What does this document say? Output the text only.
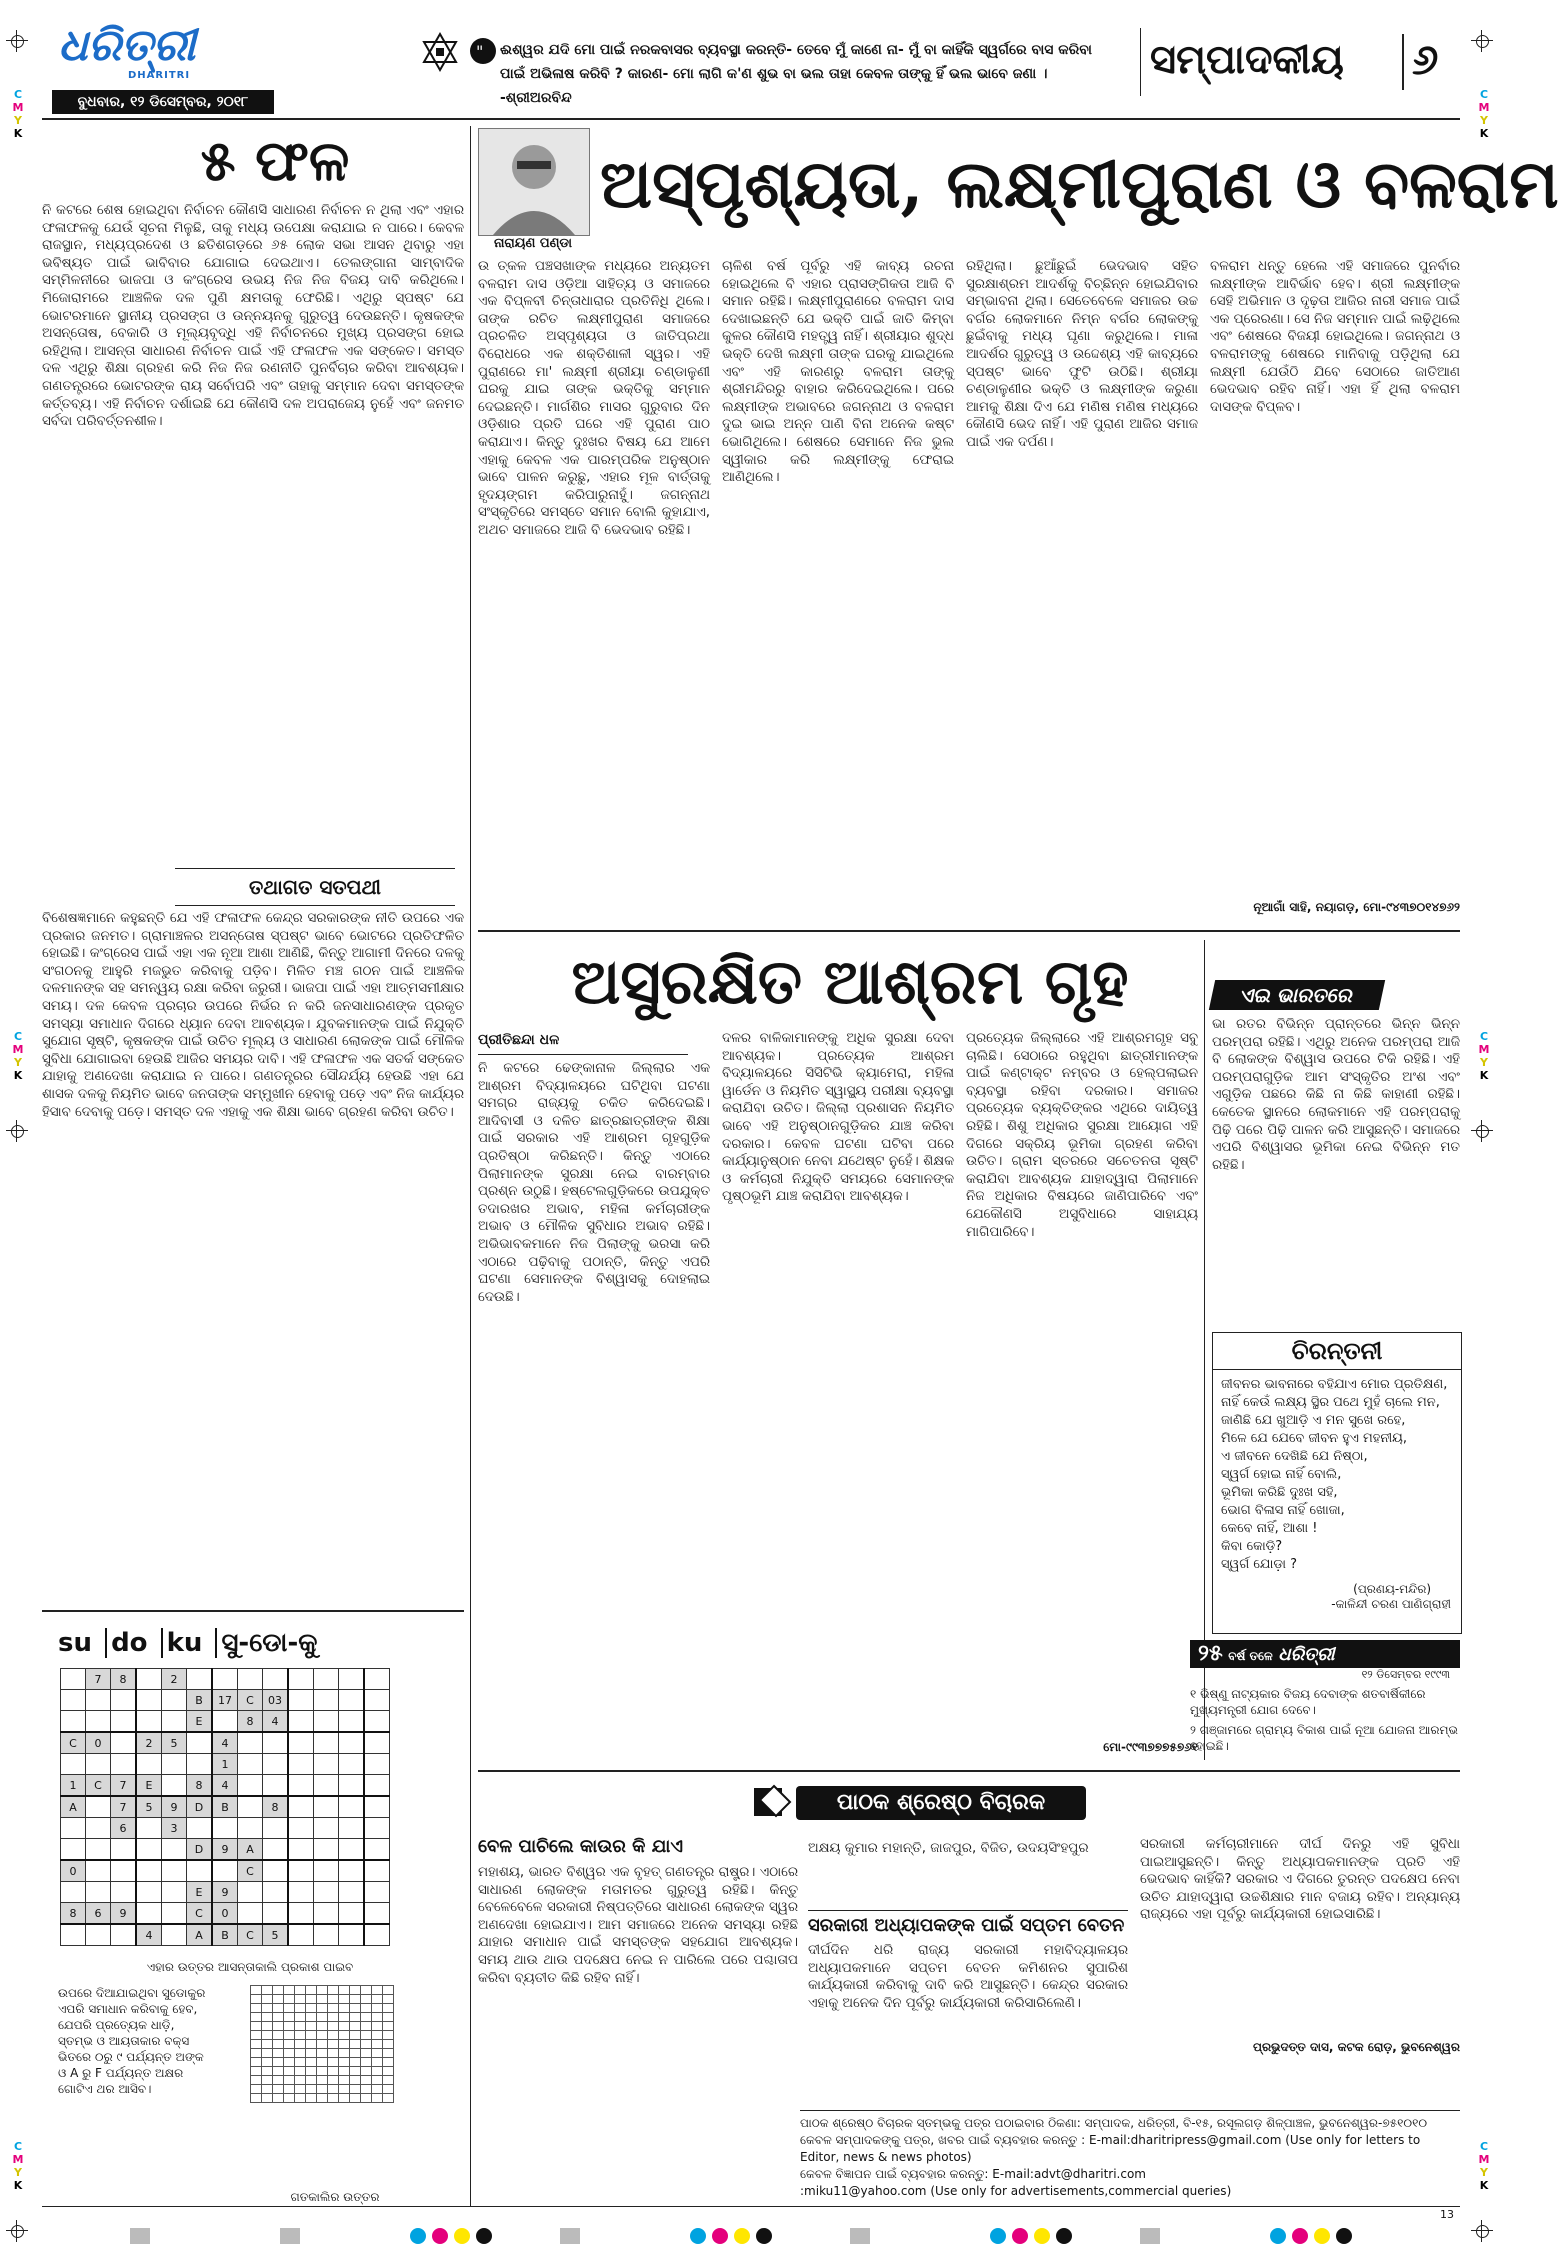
C
M
Y
K
C
M
Y
K
C
M
Y
K
C
M
Y
K
C
M
Y
K
C
M
Y
K
ଧରିତ୍ରୀ
DHARITRI
ବୁଧବାର, ୧୨ ଡିସେମ୍ବର, ୨୦୧୮
" ଈଶ୍ୱର ଯଦି ମୋ ପାଇଁ ନରକବାସର ବ୍ୟବସ୍ଥା କରନ୍ତି- ତେବେ ମୁଁ କାଣେ ନା- ମୁଁ ବା କାହିଁକି ସ୍ୱର୍ଗରେ ବାସ କରିବା ପାଇଁ ଅଭିଳାଷ କରିବି ? କାରଣ- ମୋ ଲାଗି କ'ଣ ଶୁଭ ବା ଭଲ ତାହା କେବଳ ତାଙ୍କୁ ହିଁ ଭଲ ଭାବେ ଜଣା । -ଶ୍ରୀଅରବିନ୍ଦ
ସମ୍ପାଦକୀୟ	୬
୫ ଫଳ

ନି କଟରେ ଶେଷ ହୋଇଥିବା ନିର୍ବାଚନ କୌଣସି ସାଧାରଣ ନିର୍ବାଚନ ନ ଥିଲା ଏବଂ ଏହାର ଫଳାଫଳକୁ ଯେଉଁ ସୂଚନା ମିଳୁଛି, ତାକୁ ମଧ୍ୟ ଉପେକ୍ଷା କରାଯାଇ ନ ପାରେ। କେବଳ ରାଜସ୍ଥାନ, ମଧ୍ୟପ୍ରଦେଶ ଓ ଛତିଶଗଡ଼ରେ ୬୫ ଲୋକ ସଭା ଆସନ ଥିବାରୁ ଏହା ଭବିଷ୍ୟତ ପାଇଁ ଭାବିବାର ଯୋଗାଇ ଦେଇଥାଏ। ତେଲଙ୍ଗାନା ସାମ୍ବାଦିକ ସମ୍ମିଳନୀରେ ଭାଜପା ଓ କଂଗ୍ରେସ ଉଭୟ ନିଜ ନିଜ ବିଜୟ ଦାବି କରିଥିଲେ। ମିଜୋରାମରେ ଆଞ୍ଚଳିକ ଦଳ ପୁଣି କ୍ଷମତାକୁ ଫେରିଛି। ଏଥିରୁ ସ୍ପଷ୍ଟ ଯେ ଭୋଟରମାନେ ସ୍ଥାନୀୟ ପ୍ରସଙ୍ଗ ଓ ଉନ୍ନୟନକୁ ଗୁରୁତ୍ୱ ଦେଉଛନ୍ତି। କୃଷକଙ୍କ ଅସନ୍ତୋଷ, ବେକାରି ଓ ମୂଲ୍ୟବୃଦ୍ଧି ଏହି ନିର୍ବାଚନରେ ମୁଖ୍ୟ ପ୍ରସଙ୍ଗ ହୋଇ ରହିଥିଲା। ଆସନ୍ତା ସାଧାରଣ ନିର୍ବାଚନ ପାଇଁ ଏହି ଫଳାଫଳ ଏକ ସଙ୍କେତ। ସମସ୍ତ ଦଳ ଏଥିରୁ ଶିକ୍ଷା ଗ୍ରହଣ କରି ନିଜ ନିଜ ରଣନୀତି ପୁନର୍ବିଚାର କରିବା ଆବଶ୍ୟକ। ଗଣତନ୍ତ୍ରରେ ଭୋଟରଙ୍କ ରାୟ ସର୍ବୋପରି ଏବଂ ତାହାକୁ ସମ୍ମାନ ଦେବା ସମସ୍ତଙ୍କ କର୍ତ୍ତବ୍ୟ। ଏହି ନିର୍ବାଚନ ଦର୍ଶାଇଛି ଯେ କୌଣସି ଦଳ ଅପରାଜେୟ ନୁହେଁ ଏବଂ ଜନମତ ସର୍ବଦା ପରିବର୍ତ୍ତନଶୀଳ।

ତଥାଗତ ସତପଥୀ

ବିଶେଷଜ୍ଞମାନେ କହୁଛନ୍ତି ଯେ ଏହି ଫଳାଫଳ କେନ୍ଦ୍ର ସରକାରଙ୍କ ନୀତି ଉପରେ ଏକ ପ୍ରକାର ଜନମତ। ଗ୍ରାମାଞ୍ଚଳର ଅସନ୍ତୋଷ ସ୍ପଷ୍ଟ ଭାବେ ଭୋଟରେ ପ୍ରତିଫଳିତ ହୋଇଛି। କଂଗ୍ରେସ ପାଇଁ ଏହା ଏକ ନୂଆ ଆଶା ଆଣିଛି, କିନ୍ତୁ ଆଗାମୀ ଦିନରେ ଦଳକୁ ସଂଗଠନକୁ ଆହୁରି ମଜଭୁତ କରିବାକୁ ପଡ଼ିବ। ମିଳିତ ମଞ୍ଚ ଗଠନ ପାଇଁ ଆଞ୍ଚଳିକ ଦଳମାନଙ୍କ ସହ ସମନ୍ୱୟ ରକ୍ଷା କରିବା ଜରୁରୀ। ଭାଜପା ପାଇଁ ଏହା ଆତ୍ମସମୀକ୍ଷାର ସମୟ। ଦଳ କେବଳ ପ୍ରଚାର ଉପରେ ନିର୍ଭର ନ କରି ଜନସାଧାରଣଙ୍କ ପ୍ରକୃତ ସମସ୍ୟା ସମାଧାନ ଦିଗରେ ଧ୍ୟାନ ଦେବା ଆବଶ୍ୟକ। ଯୁବକମାନଙ୍କ ପାଇଁ ନିଯୁକ୍ତି ସୁଯୋଗ ସୃଷ୍ଟି, କୃଷକଙ୍କ ପାଇଁ ଉଚିତ ମୂଲ୍ୟ ଓ ସାଧାରଣ ଲୋକଙ୍କ ପାଇଁ ମୌଳିକ ସୁବିଧା ଯୋଗାଇବା ହେଉଛି ଆଜିର ସମୟର ଦାବି। ଏହି ଫଳାଫଳ ଏକ ସତର୍କ ସଙ୍କେତ ଯାହାକୁ ଅଣଦେଖା କରାଯାଇ ନ ପାରେ। ଗଣତନ୍ତ୍ରର ସୌନ୍ଦର୍ଯ୍ୟ ହେଉଛି ଏହା ଯେ ଶାସକ ଦଳକୁ ନିୟମିତ ଭାବେ ଜନତାଙ୍କ ସମ୍ମୁଖୀନ ହେବାକୁ ପଡ଼େ ଏବଂ ନିଜ କାର୍ଯ୍ୟର ହିସାବ ଦେବାକୁ ପଡ଼େ। ସମସ୍ତ ଦଳ ଏହାକୁ ଏକ ଶିକ୍ଷା ଭାବେ ଗ୍ରହଣ କରିବା ଉଚିତ।

su do ku ସୁ-ଡୋ-କୁ
	7	8		2								
					B	17	C	03				
					E		8	4				
C	0		2	5		4						
						1						
1	C	7	E		8	4						
A		7	5	9	D	B		8				
		6		3								
					D	9	A					
0							C					
					E	9						
8	6	9			C	0						
			4		A	B	C	5				
ଏହାର ଉତ୍ତର ଆସନ୍ତାକାଲି ପ୍ରକାଶ ପାଇବ
ଉପରେ ଦିଆଯାଇଥିବା ସୁଡୋକୁର ଏପରି ସମାଧାନ କରିବାକୁ ହେବ, ଯେପରି ପ୍ରତ୍ୟେକ ଧାଡ଼ି, ସ୍ତମ୍ଭ ଓ ଆୟତାକାର ବକ୍ସ ଭିତରେ ୦ରୁ ୯ ପର୍ଯ୍ୟନ୍ତ ଅଙ୍କ ଓ A ରୁ F ପର୍ଯ୍ୟନ୍ତ ଅକ୍ଷର ଗୋଟିଏ ଥର ଆସିବ।

ଗତକାଲିର ଉତ୍ତର
ନାରାୟଣ ପଣ୍ଡା
ଅସ୍ପୃଶ୍ୟତା, ଲକ୍ଷ୍ମୀପୁରାଣ ଓ ବଳରାମ

ଉ ତ୍କଳ ପଞ୍ଚସଖାଙ୍କ ମଧ୍ୟରେ ଅନ୍ୟତମ ବଳରାମ ଦାସ ଓଡ଼ିଆ ସାହିତ୍ୟ ଓ ସମାଜରେ ଏକ ବିପ୍ଳବୀ ଚିନ୍ତାଧାରାର ପ୍ରତିନିଧି ଥିଲେ। ତାଙ୍କ ରଚିତ ଲକ୍ଷ୍ମୀପୁରାଣ ସମାଜରେ ପ୍ରଚଳିତ ଅସ୍ପୃଶ୍ୟତା ଓ ଜାତିପ୍ରଥା ବିରୋଧରେ ଏକ ଶକ୍ତିଶାଳୀ ସ୍ୱର। ଏହି ପୁରାଣରେ ମା' ଲକ୍ଷ୍ମୀ ଶ୍ରୀୟା ଚଣ୍ଡାଳୁଣୀ ଘରକୁ ଯାଇ ତାଙ୍କ ଭକ୍ତିକୁ ସମ୍ମାନ ଦେଇଛନ୍ତି। ମାର୍ଗଶିର ମାସର ଗୁରୁବାର ଦିନ ଓଡ଼ିଶାର ପ୍ରତି ଘରେ ଏହି ପୁରାଣ ପାଠ କରାଯାଏ। କିନ୍ତୁ ଦୁଃଖର ବିଷୟ ଯେ ଆମେ ଏହାକୁ କେବଳ ଏକ ପାରମ୍ପରିକ ଅନୁଷ୍ଠାନ ଭାବେ ପାଳନ କରୁଛୁ, ଏହାର ମୂଳ ବାର୍ତ୍ତାକୁ ହୃଦୟଙ୍ଗମ କରିପାରୁନାହୁଁ। ଜଗନ୍ନାଥ ସଂସ୍କୃତିରେ ସମସ୍ତେ ସମାନ ବୋଲି କୁହାଯାଏ, ଅଥଚ ସମାଜରେ ଆଜି ବି ଭେଦଭାବ ରହିଛି।

ଚାଳିଶ ବର୍ଷ ପୂର୍ବରୁ ଏହି କାବ୍ୟ ରଚନା ହୋଇଥିଲେ ବି ଏହାର ପ୍ରାସଙ୍ଗିକତା ଆଜି ବି ସମାନ ରହିଛି। ଲକ୍ଷ୍ମୀପୁରାଣରେ ବଳରାମ ଦାସ ଦେଖାଇଛନ୍ତି ଯେ ଭକ୍ତି ପାଇଁ ଜାତି କିମ୍ବା କୁଳର କୌଣସି ମହତ୍ତ୍ୱ ନାହିଁ। ଶ୍ରୀୟାର ଶୁଦ୍ଧ ଭକ୍ତି ଦେଖି ଲକ୍ଷ୍ମୀ ତାଙ୍କ ଘରକୁ ଯାଇଥିଲେ ଏବଂ ଏହି କାରଣରୁ ବଳରାମ ତାଙ୍କୁ ଶ୍ରୀମନ୍ଦିରରୁ ବାହାର କରିଦେଇଥିଲେ। ପରେ ଲକ୍ଷ୍ମୀଙ୍କ ଅଭାବରେ ଜଗନ୍ନାଥ ଓ ବଳରାମ ଦୁଇ ଭାଇ ଅନ୍ନ ପାଣି ବିନା ଅନେକ କଷ୍ଟ ଭୋଗିଥିଲେ। ଶେଷରେ ସେମାନେ ନିଜ ଭୁଲ ସ୍ୱୀକାର କରି ଲକ୍ଷ୍ମୀଙ୍କୁ ଫେରାଇ ଆଣିଥିଲେ।

ରହିଥିଲା। ଛୁଆଁଛୁଇଁ ଭେଦଭାବ ସହିତ ସୁରକ୍ଷାଶ୍ରମ ଆଦର୍ଶକୁ ବିଚ୍ଛିନ୍ନ ହୋଇଯିବାର ସମ୍ଭାବନା ଥିଲା। ସେତେବେଳେ ସମାଜର ଉଚ୍ଚ ବର୍ଗର ଲୋକମାନେ ନିମ୍ନ ବର୍ଗର ଲୋକଙ୍କୁ ଛୁଇଁବାକୁ ମଧ୍ୟ ଘୃଣା କରୁଥିଲେ। ମାଳା ଆଦର୍ଶର ଗୁରୁତ୍ୱ ଓ ଉଦ୍ଦେଶ୍ୟ ଏହି କାବ୍ୟରେ ସ୍ପଷ୍ଟ ଭାବେ ଫୁଟି ଉଠିଛି। ଶ୍ରୀୟା ଚଣ୍ଡାଳୁଣୀର ଭକ୍ତି ଓ ଲକ୍ଷ୍ମୀଙ୍କ କରୁଣା ଆମକୁ ଶିକ୍ଷା ଦିଏ ଯେ ମଣିଷ ମଣିଷ ମଧ୍ୟରେ କୌଣସି ଭେଦ ନାହିଁ। ଏହି ପୁରାଣ ଆଜିର ସମାଜ ପାଇଁ ଏକ ଦର୍ପଣ।

ବଳରାମ ଧନ୍ତୁ ହେଲେ ଏହି ସମାଜରେ ପୁନର୍ବାର ଲକ୍ଷ୍ମୀଙ୍କ ଆବିର୍ଭାବ ହେବ। ଶ୍ରୀ ଲକ୍ଷ୍ମୀଙ୍କ ସେହି ଅଭିମାନ ଓ ଦୃଢ଼ତା ଆଜିର ନାରୀ ସମାଜ ପାଇଁ ଏକ ପ୍ରେରଣା। ସେ ନିଜ ସମ୍ମାନ ପାଇଁ ଲଢ଼ିଥିଲେ ଏବଂ ଶେଷରେ ବିଜୟୀ ହୋଇଥିଲେ। ଜଗନ୍ନାଥ ଓ ବଳରାମଙ୍କୁ ଶେଷରେ ମାନିବାକୁ ପଡ଼ିଥିଲା ଯେ ଲକ୍ଷ୍ମୀ ଯେଉଁଠି ଯିବେ ସେଠାରେ ଜାତିଆଣ ଭେଦଭାବ ରହିବ ନାହିଁ। ଏହା ହିଁ ଥିଲା ବଳରାମ ଦାସଙ୍କ ବିପ୍ଳବ।

ନୂଆଗାଁ ସାହି, ନୟାଗଡ଼, ମୋ-୯୪୩୭୦୧୪୭୬୨
ଅସୁରକ୍ଷିତ ଆଶ୍ରମ ଗୃହ
ପ୍ରୀତିଛନ୍ଦା ଧଳ

ନି କଟରେ ଢେଙ୍କାନାଳ ଜିଲ୍ଲାର ଏକ ଆଶ୍ରମ ବିଦ୍ୟାଳୟରେ ଘଟିଥିବା ଘଟଣା ସମଗ୍ର ରାଜ୍ୟକୁ ଚକିତ କରିଦେଇଛି। ଆଦିବାସୀ ଓ ଦଳିତ ଛାତ୍ରଛାତ୍ରୀଙ୍କ ଶିକ୍ଷା ପାଇଁ ସରକାର ଏହି ଆଶ୍ରମ ଗୃହଗୁଡ଼ିକ ପ୍ରତିଷ୍ଠା କରିଛନ୍ତି। କିନ୍ତୁ ଏଠାରେ ପିଲାମାନଙ୍କ ସୁରକ୍ଷା ନେଇ ବାରମ୍ବାର ପ୍ରଶ୍ନ ଉଠୁଛି। ହଷ୍ଟେଲଗୁଡ଼ିକରେ ଉପଯୁକ୍ତ ତଦାରଖର ଅଭାବ, ମହିଳା କର୍ମଚାରୀଙ୍କ ଅଭାବ ଓ ମୌଳିକ ସୁବିଧାର ଅଭାବ ରହିଛି। ଅଭିଭାବକମାନେ ନିଜ ପିଲାଙ୍କୁ ଭରସା କରି ଏଠାରେ ପଢ଼ିବାକୁ ପଠାନ୍ତି, କିନ୍ତୁ ଏପରି ଘଟଣା ସେମାନଙ୍କ ବିଶ୍ୱାସକୁ ଦୋହଲାଇ ଦେଉଛି।

ଦଳର ବାଳିକାମାନଙ୍କୁ ଅଧିକ ସୁରକ୍ଷା ଦେବା ଆବଶ୍ୟକ। ପ୍ରତ୍ୟେକ ଆଶ୍ରମ ବିଦ୍ୟାଳୟରେ ସିସିଟିଭି କ୍ୟାମେରା, ମହିଳା ୱାର୍ଡେନ ଓ ନିୟମିତ ସ୍ୱାସ୍ଥ୍ୟ ପରୀକ୍ଷା ବ୍ୟବସ୍ଥା କରାଯିବା ଉଚିତ। ଜିଲ୍ଲା ପ୍ରଶାସନ ନିୟମିତ ଭାବେ ଏହି ଅନୁଷ୍ଠାନଗୁଡ଼ିକର ଯାଞ୍ଚ କରିବା ଦରକାର। କେବଳ ଘଟଣା ଘଟିବା ପରେ କାର୍ଯ୍ୟାନୁଷ୍ଠାନ ନେବା ଯଥେଷ୍ଟ ନୁହେଁ। ଶିକ୍ଷକ ଓ କର୍ମଚାରୀ ନିଯୁକ୍ତି ସମୟରେ ସେମାନଙ୍କ ପୃଷ୍ଠଭୂମି ଯାଞ୍ଚ କରାଯିବା ଆବଶ୍ୟକ।

ପ୍ରତ୍ୟେକ ଜିଲ୍ଲାରେ ଏହି ଆଶ୍ରମଗୃହ ସବୁ ଚାଲିଛି। ସେଠାରେ ରହୁଥିବା ଛାତ୍ରୀମାନଙ୍କ ପାଇଁ କଣ୍ଟାକ୍ଟ ନମ୍ବର ଓ ହେଲ୍ପଲାଇନ ବ୍ୟବସ୍ଥା ରହିବା ଦରକାର। ସମାଜର ପ୍ରତ୍ୟେକ ବ୍ୟକ୍ତିଙ୍କର ଏଥିରେ ଦାୟିତ୍ୱ ରହିଛି। ଶିଶୁ ଅଧିକାର ସୁରକ୍ଷା ଆୟୋଗ ଏହି ଦିଗରେ ସକ୍ରିୟ ଭୂମିକା ଗ୍ରହଣ କରିବା ଉଚିତ। ଗ୍ରାମ ସ୍ତରରେ ସଚେତନତା ସୃଷ୍ଟି କରାଯିବା ଆବଶ୍ୟକ ଯାହାଦ୍ୱାରା ପିଲାମାନେ ନିଜ ଅଧିକାର ବିଷୟରେ ଜାଣିପାରିବେ ଏବଂ ଯେକୌଣସି ଅସୁବିଧାରେ ସାହାଯ୍ୟ ମାଗିପାରିବେ।

ମୋ-୯୯୩୭୭୭୫୭୬୧
ଏଇ ଭାରତରେ
ଭା ରତର ବିଭିନ୍ନ ପ୍ରାନ୍ତରେ ଭିନ୍ନ ଭିନ୍ନ ପରମ୍ପରା ରହିଛି। ଏଥିରୁ ଅନେକ ପରମ୍ପରା ଆଜି ବି ଲୋକଙ୍କ ବିଶ୍ୱାସ ଉପରେ ଟିକି ରହିଛି। ଏହି ପରମ୍ପରାଗୁଡ଼ିକ ଆମ ସଂସ୍କୃତିର ଅଂଶ ଏବଂ ଏଗୁଡ଼ିକ ପଛରେ କିଛି ନା କିଛି କାହାଣୀ ରହିଛି। କେତେକ ସ୍ଥାନରେ ଲୋକମାନେ ଏହି ପରମ୍ପରାକୁ ପିଢ଼ି ପରେ ପିଢ଼ି ପାଳନ କରି ଆସୁଛନ୍ତି। ସମାଜରେ ଏପରି ବିଶ୍ୱାସର ଭୂମିକା ନେଇ ବିଭିନ୍ନ ମତ ରହିଛି।
ଚିରନ୍ତନୀ
ଜୀବନର ଭାବନାରେ ବହିଯାଏ ମୋର ପ୍ରତିକ୍ଷଣ,
ନାହିଁ କେଉଁ ଲକ୍ଷ୍ୟ ସ୍ଥିର ପଥେ ମୁହଁ ଚାଲେ ମନ,
ଜାଣିଛି ଯେ ଖୁଆଡ଼ି ଏ ମନ ସୁଖେ ରହେ,
ମିଳେ ଯେ ଯେବେ ଜୀବନ ହୁଏ ମହନୀୟ,
ଏ ଜୀବନେ ଦେଖିଛି ଯେ ନିଷ୍ଠା,
ସ୍ୱର୍ଗ ହୋଇ ନାହିଁ ବୋଲି,
ଭୂମିକା କରିଛି ଦୁଃଖ ସହି,
ଭୋଗ ବିଳାସ ନାହିଁ ଖୋଜା,
କେବେ ନାହିଁ, ଆଶା !
କିବା କୋଡ଼ି?
ସ୍ୱର୍ଗ ଯୋଡ଼ା ?
(ପ୍ରଣୟ-ମନ୍ଦିର)
-କାଳିନ୍ଦୀ ଚରଣ ପାଣିଗ୍ରାହୀ
୨୫ ବର୍ଷ ତଳେ ଧରିତ୍ରୀ
୧୨ ଡିସେମ୍ବର ୧୯୯୩
୧ ଭିଷ୍ଣୁ ନାଟ୍ୟକାର ବିଜୟ ଦେବାଙ୍କ ଶତବାର୍ଷିକୀରେ ମୁଖ୍ୟମନ୍ତ୍ରୀ ଯୋଗ ଦେବେ।
୨ ଗଞ୍ଜାମରେ ଗ୍ରାମ୍ୟ ବିକାଶ ପାଇଁ ନୂଆ ଯୋଜନା ଆରମ୍ଭ ହୋଇଛି।
ପାଠକ ଶ୍ରେଷ୍ଠ ବିଚାରକ
ବେଳ ପାଚିଲେ କାଉର କି ଯାଏ
ମହାଶୟ, ଭାରତ ବିଶ୍ୱର ଏକ ବୃହତ୍ ଗଣତନ୍ତ୍ର ରାଷ୍ଟ୍ର। ଏଠାରେ ସାଧାରଣ ଲୋକଙ୍କ ମତାମତର ଗୁରୁତ୍ୱ ରହିଛି। କିନ୍ତୁ ବେଳେବେଳେ ସରକାରୀ ନିଷ୍ପତ୍ତିରେ ସାଧାରଣ ଲୋକଙ୍କ ସ୍ୱର ଅଣଦେଖା ହୋଇଯାଏ। ଆମ ସମାଜରେ ଅନେକ ସମସ୍ୟା ରହିଛି ଯାହାର ସମାଧାନ ପାଇଁ ସମସ୍ତଙ୍କ ସହଯୋଗ ଆବଶ୍ୟକ। ସମୟ ଥାଉ ଥାଉ ପଦକ୍ଷେପ ନେଇ ନ ପାରିଲେ ପରେ ପଶ୍ଚାତାପ କରିବା ବ୍ୟତୀତ କିଛି ରହିବ ନାହିଁ।
ଅକ୍ଷୟ କୁମାର ମହାନ୍ତି, ଜାଜପୁର, ବିଜିତ, ଉଦୟସିଂହପୁର
ସରକାରୀ ଅଧ୍ୟାପକଙ୍କ ପାଇଁ ସପ୍ତମ ବେତନ
ଦୀର୍ଘଦିନ ଧରି ରାଜ୍ୟ ସରକାରୀ ମହାବିଦ୍ୟାଳୟର ଅଧ୍ୟାପକମାନେ ସପ୍ତମ ବେତନ କମିଶନର ସୁପାରିଶ କାର୍ଯ୍ୟକାରୀ କରିବାକୁ ଦାବି କରି ଆସୁଛନ୍ତି। କେନ୍ଦ୍ର ସରକାର ଏହାକୁ ଅନେକ ଦିନ ପୂର୍ବରୁ କାର୍ଯ୍ୟକାରୀ କରିସାରିଲେଣି।
ସରକାରୀ କର୍ମଚାରୀମାନେ ଦୀର୍ଘ ଦିନରୁ ଏହି ସୁବିଧା ପାଇଆସୁଛନ୍ତି। କିନ୍ତୁ ଅଧ୍ୟାପକମାନଙ୍କ ପ୍ରତି ଏହି ଭେଦଭାବ କାହିଁକି? ସରକାର ଏ ଦିଗରେ ତୁରନ୍ତ ପଦକ୍ଷେପ ନେବା ଉଚିତ ଯାହାଦ୍ୱାରା ଉଚ୍ଚଶିକ୍ଷାର ମାନ ବଜାୟ ରହିବ। ଅନ୍ୟାନ୍ୟ ରାଜ୍ୟରେ ଏହା ପୂର୍ବରୁ କାର୍ଯ୍ୟକାରୀ ହୋଇସାରିଛି।
ପ୍ରଭୁଦତ୍ତ ଦାସ, କଟକ ରୋଡ଼, ଭୁବନେଶ୍ୱର
ପାଠକ ଶ୍ରେଷ୍ଠ ବିଚାରକ ସ୍ତମ୍ଭକୁ ପତ୍ର ପଠାଇବାର ଠିକଣା: ସମ୍ପାଦକ, ଧରିତ୍ରୀ, ବି-୧୫, ରସୂଲଗଡ଼ ଶିଳ୍ପାଞ୍ଚଳ, ଭୁବନେଶ୍ୱର-୭୫୧୦୧୦
କେବଳ ସମ୍ପାଦକଙ୍କୁ ପତ୍ର, ଖବର ପାଇଁ ବ୍ୟବହାର କରନ୍ତୁ : E-mail:dharitripress@gmail.com (Use only for letters to Editor, news & news photos)
କେବଳ ବିଜ୍ଞାପନ ପାଇଁ ବ୍ୟବହାର କରନ୍ତୁ: E-mail:advt@dharitri.com
:miku11@yahoo.com (Use only for advertisements,commercial queries)
13
